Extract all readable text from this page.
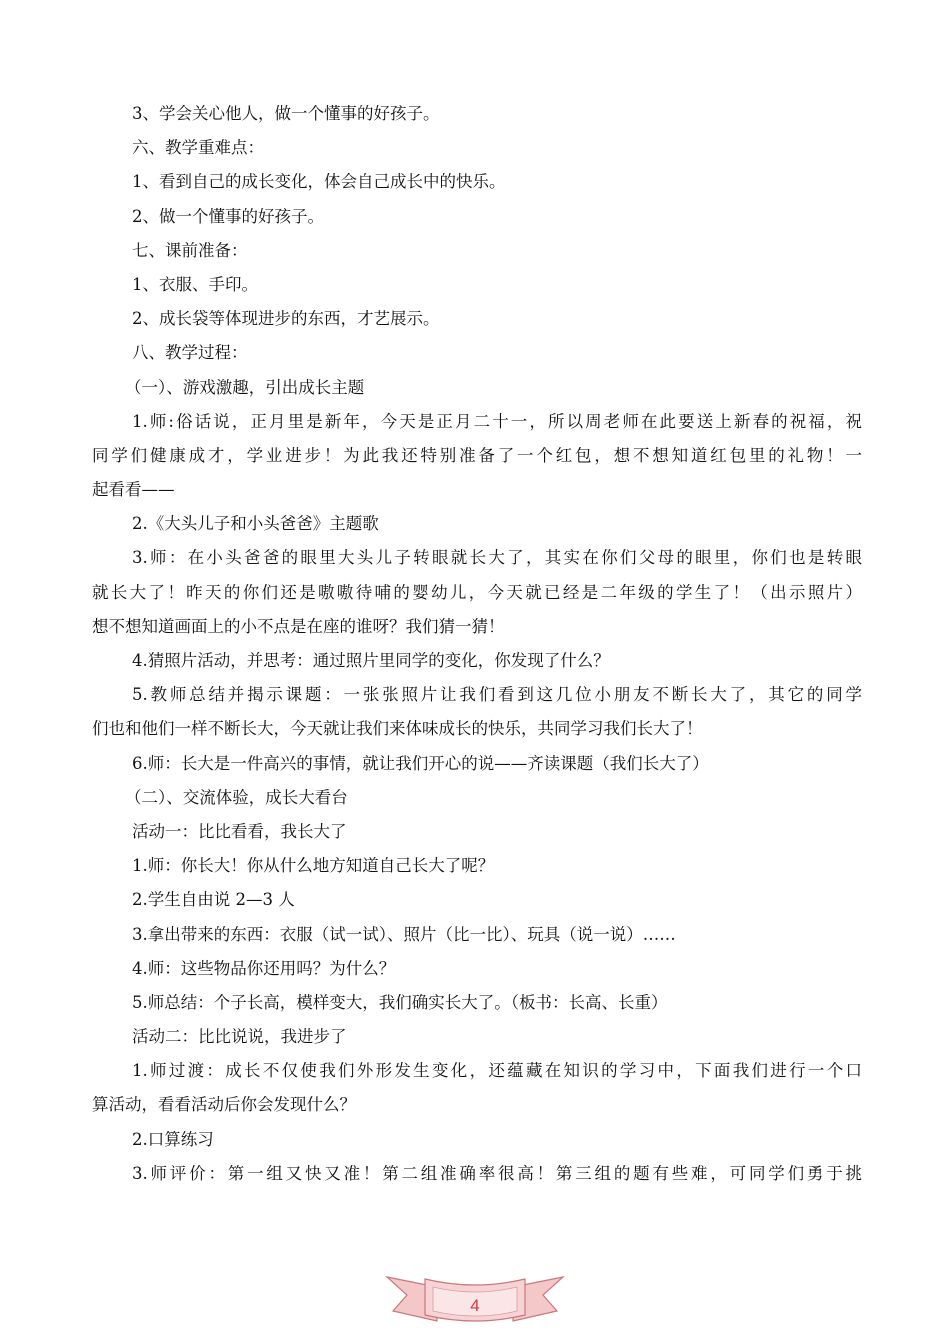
3、学会关心他人，做一个懂事的好孩子。
六、教学重难点：
1、看到自己的成长变化，体会自己成长中的快乐。
2、做一个懂事的好孩子。
七、课前准备：
1、衣服、手印。
2、成长袋等体现进步的东西，才艺展示。
八、教学过程：
（一）、游戏激趣，引出成长主题
1.师:俗话说，正月里是新年，今天是正月二十一，所以周老师在此要送上新春的祝福，祝
同学们健康成才，学业进步！为此我还特别准备了一个红包，想不想知道红包里的礼物！一
起看看——
2.《大头儿子和小头爸爸》主题歌
3.师：在小头爸爸的眼里大头儿子转眼就长大了，其实在你们父母的眼里，你们也是转眼
就长大了！昨天的你们还是嗷嗷待哺的婴幼儿，今天就已经是二年级的学生了！（出示照片）
想不想知道画面上的小不点是在座的谁呀？我们猜一猜！
4.猜照片活动，并思考：通过照片里同学的变化，你发现了什么？
5.教师总结并揭示课题：一张张照片让我们看到这几位小朋友不断长大了，其它的同学
们也和他们一样不断长大，今天就让我们来体味成长的快乐，共同学习我们长大了！
6.师：长大是一件高兴的事情，就让我们开心的说——齐读课题（我们长大了）
（二）、交流体验，成长大看台
活动一：比比看看，我长大了
1.师：你长大！你从什么地方知道自己长大了呢？
2.学生自由说 2—3 人
3.拿出带来的东西：衣服（试一试）、照片（比一比）、玩具（说一说）……
4.师：这些物品你还用吗？为什么？
5.师总结：个子长高，模样变大，我们确实长大了。（板书：长高、长重）
活动二：比比说说，我进步了
1.师过渡：成长不仅使我们外形发生变化，还蕴藏在知识的学习中，下面我们进行一个口
算活动，看看活动后你会发现什么？
2.口算练习
3.师评价：第一组又快又准！第二组准确率很高！第三组的题有些难，可同学们勇于挑
4
